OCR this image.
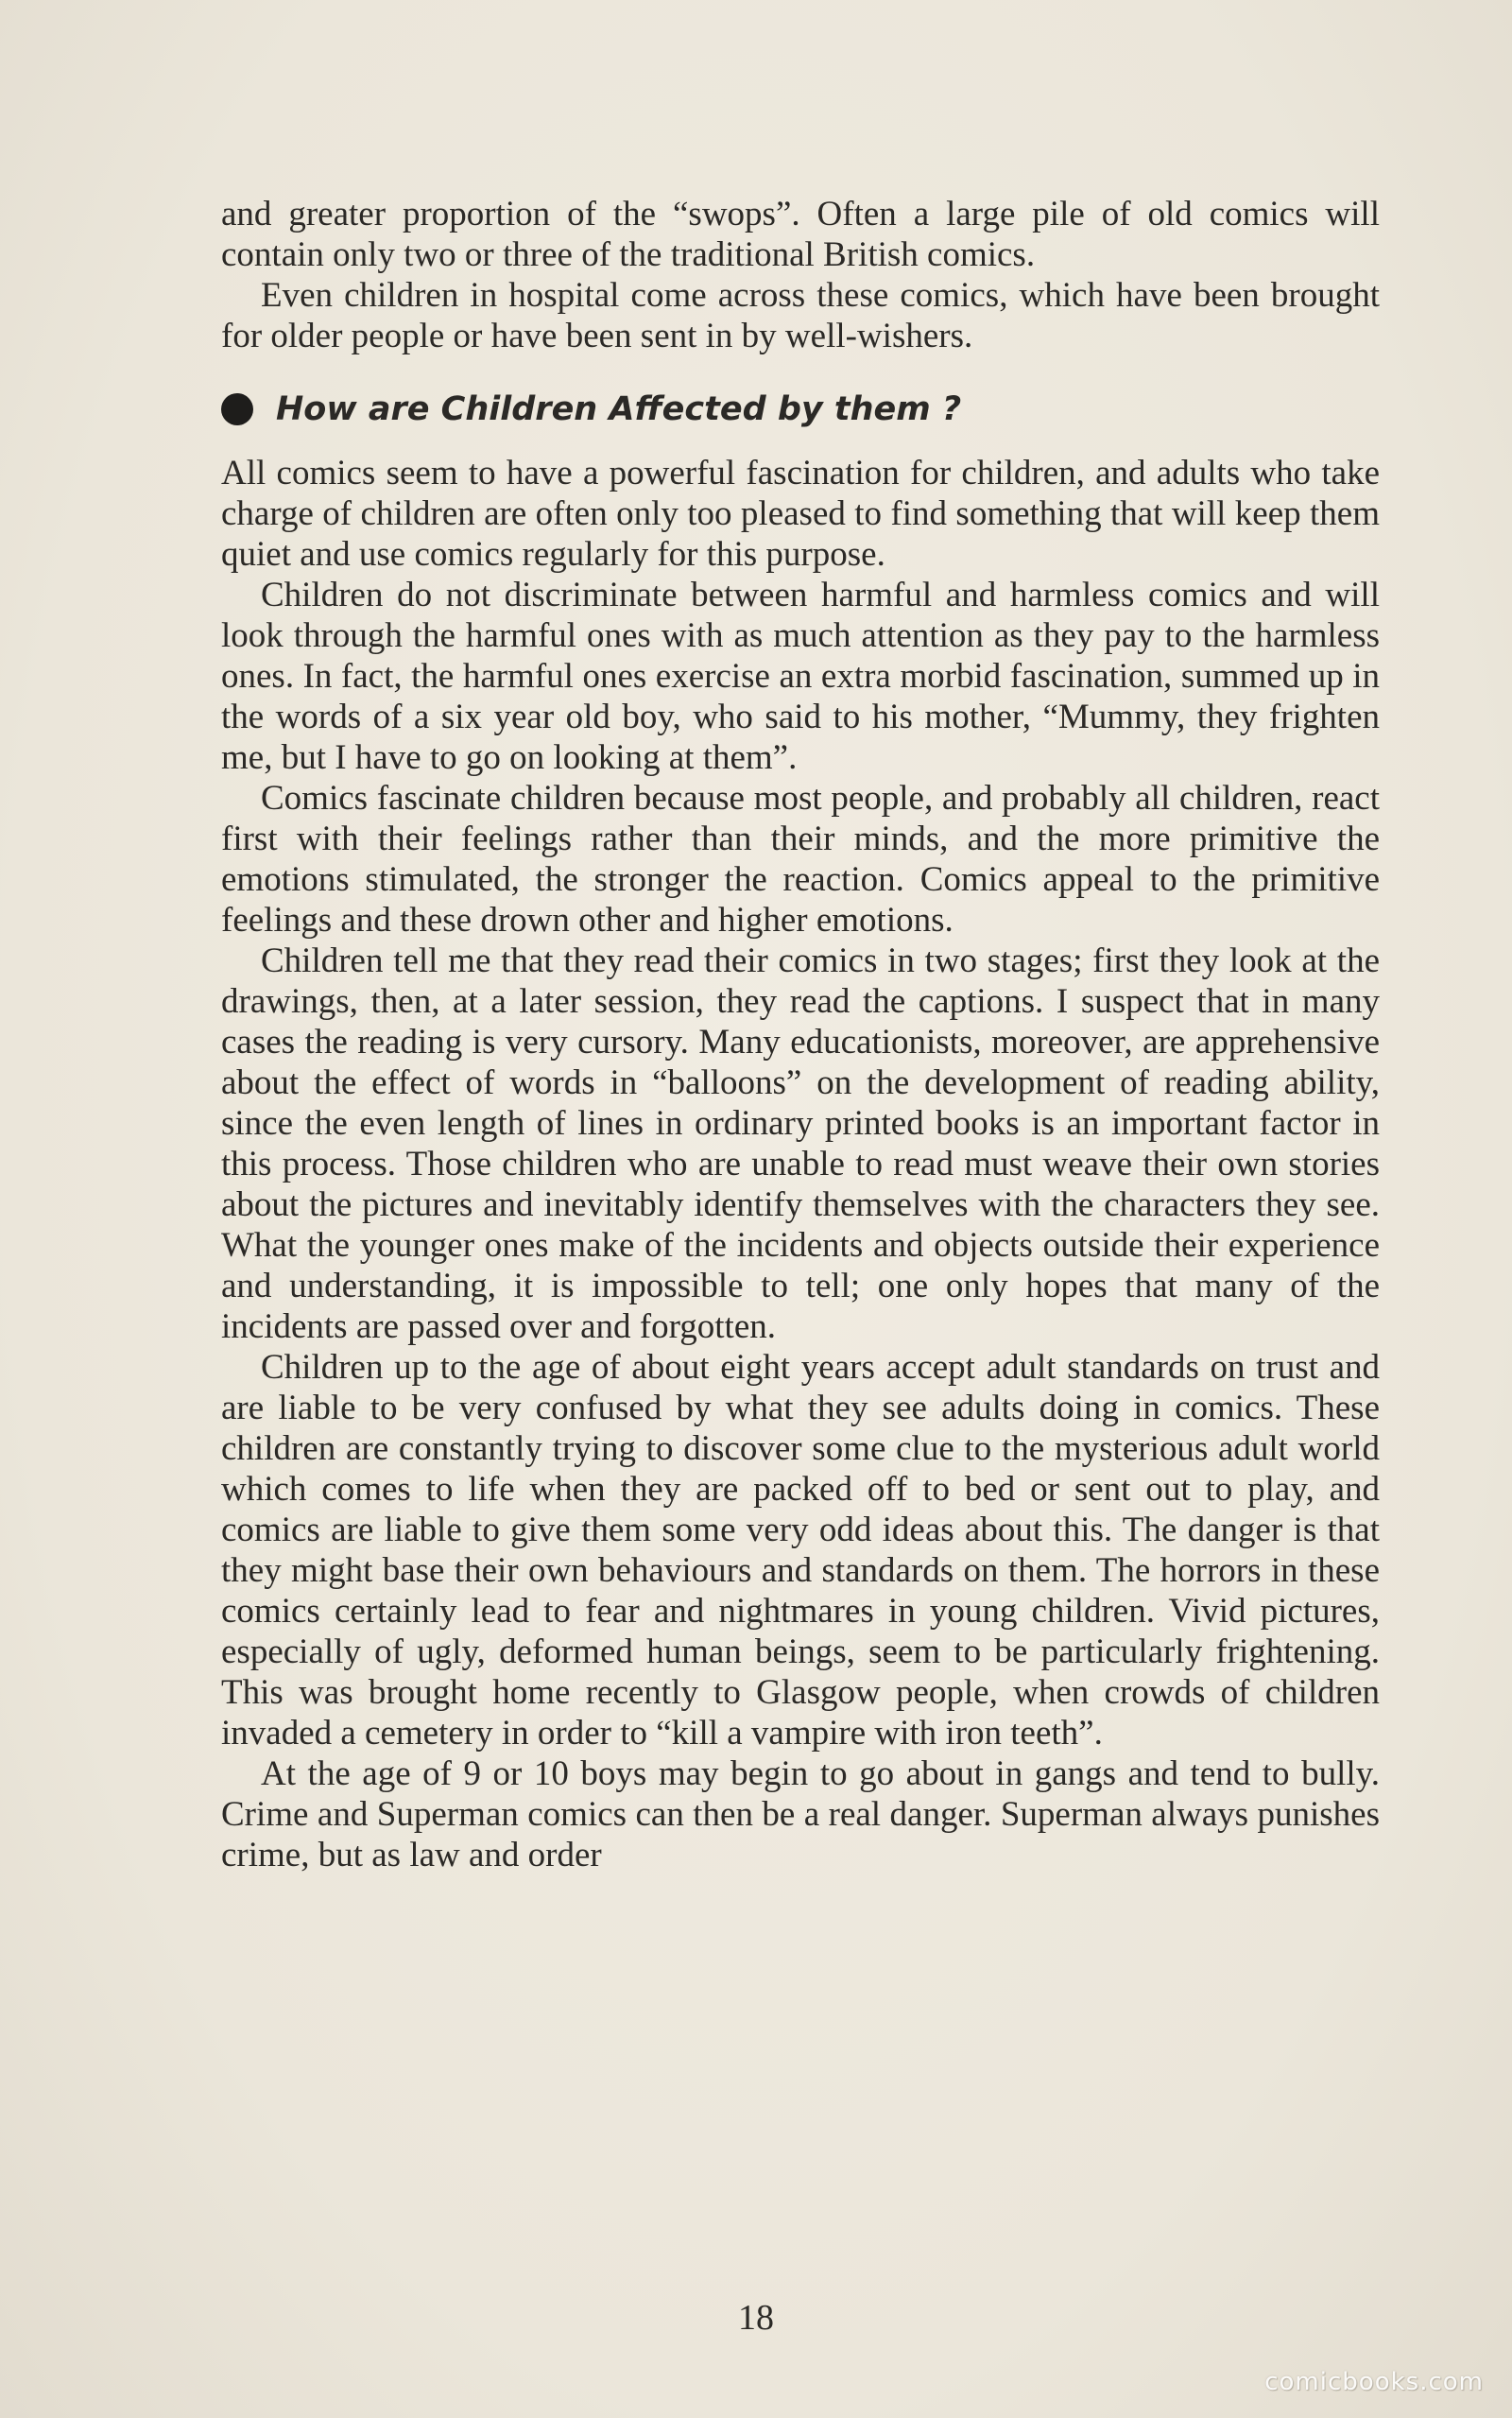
and greater proportion of the “swops”. Often a large pile of old comics will contain only two or three of the traditional British comics.

Even children in hospital come across these comics, which have been brought for older people or have been sent in by well-wishers.

How are Children Affected by them ?

All comics seem to have a powerful fascination for children, and adults who take charge of children are often only too pleased to find something that will keep them quiet and use comics regularly for this purpose.

Children do not discriminate between harmful and harmless comics and will look through the harmful ones with as much attention as they pay to the harmless ones. In fact, the harmful ones exercise an extra morbid fascination, summed up in the words of a six year old boy, who said to his mother, “Mummy, they frighten me, but I have to go on looking at them”.

Comics fascinate children because most people, and probably all children, react first with their feelings rather than their minds, and the more primitive the emotions stimulated, the stronger the reaction. Comics appeal to the primitive feelings and these drown other and higher emotions.

Children tell me that they read their comics in two stages; first they look at the drawings, then, at a later session, they read the captions. I suspect that in many cases the reading is very cursory. Many educationists, moreover, are apprehensive about the effect of words in “balloons” on the development of reading ability, since the even length of lines in ordinary printed books is an important factor in this process. Those children who are unable to read must weave their own stories about the pictures and inevitably identify themselves with the characters they see. What the younger ones make of the incidents and objects outside their experience and understanding, it is impossible to tell; one only hopes that many of the incidents are passed over and forgotten.

Children up to the age of about eight years accept adult standards on trust and are liable to be very confused by what they see adults doing in comics. These children are constantly trying to discover some clue to the mysterious adult world which comes to life when they are packed off to bed or sent out to play, and comics are liable to give them some very odd ideas about this. The danger is that they might base their own behaviours and standards on them. The horrors in these comics certainly lead to fear and nightmares in young children. Vivid pictures, especially of ugly, deformed human beings, seem to be particularly frightening. This was brought home recently to Glasgow people, when crowds of children invaded a cemetery in order to “kill a vampire with iron teeth”.

At the age of 9 or 10 boys may begin to go about in gangs and tend to bully. Crime and Superman comics can then be a real danger. Superman always punishes crime, but as law and order

18
comicbooks.com
